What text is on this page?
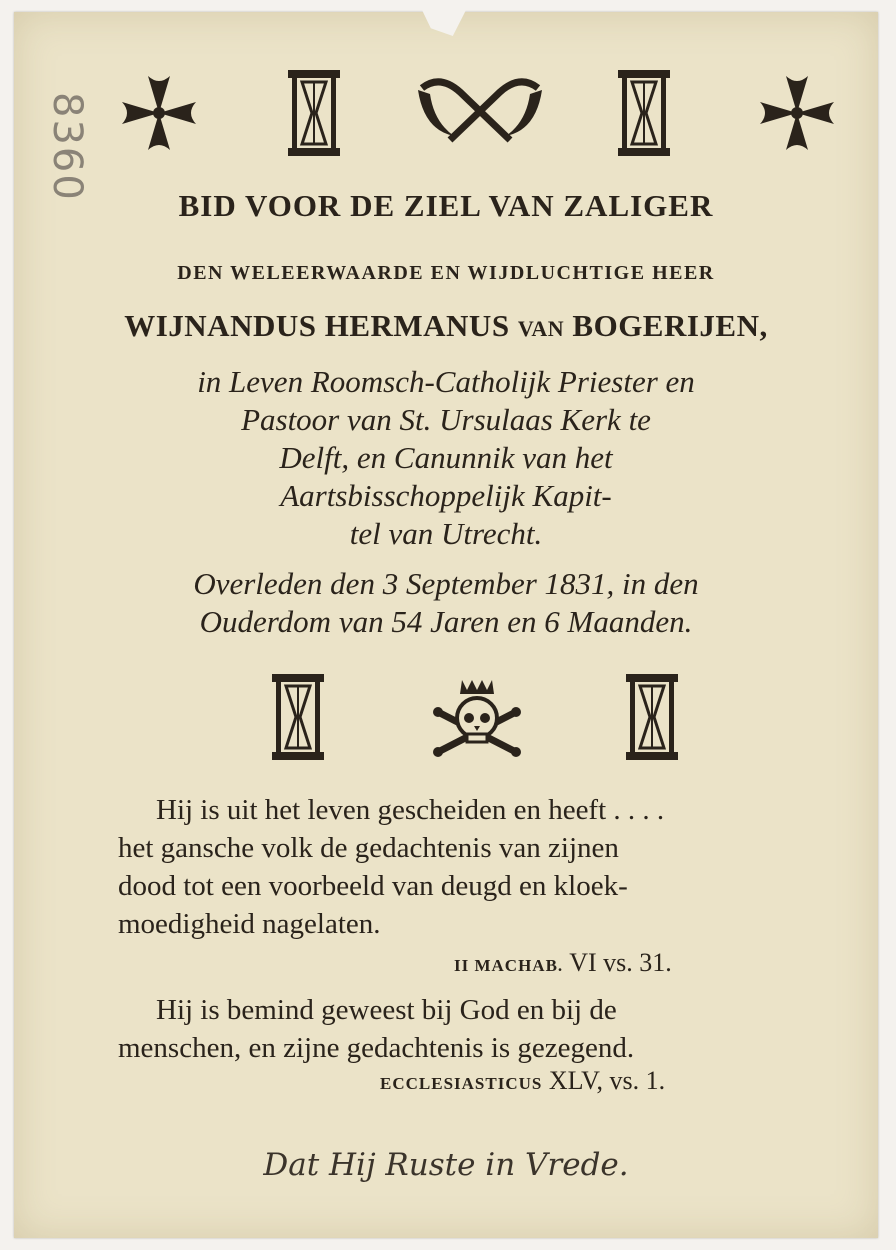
8360
BID VOOR DE ZIEL VAN ZALIGER
DEN WELEERWAARDE EN WIJDLUCHTIGE HEER
WIJNANDUS HERMANUS VAN BOGERIJEN,
in Leven Roomsch-Catholijk Priester en
Pastoor van St. Ursulaas Kerk te
Delft, en Canunnik van het
Aartsbisschoppelijk Kapit-
tel van Utrecht.
Overleden den 3 September 1831, in den
Ouderdom van 54 Jaren en 6 Maanden.
Hij is uit het leven gescheiden en heeft . . . .
het gansche volk de gedachtenis van zijnen
dood tot een voorbeeld van deugd en kloek-
moedigheid nagelaten.
II MACHAB. VI vs. 31.
Hij is bemind geweest bij God en bij de
menschen, en zijne gedachtenis is gezegend.
ECCLESIASTICUS XLV, vs. 1.
Dat Hij Ruste in Vrede.
